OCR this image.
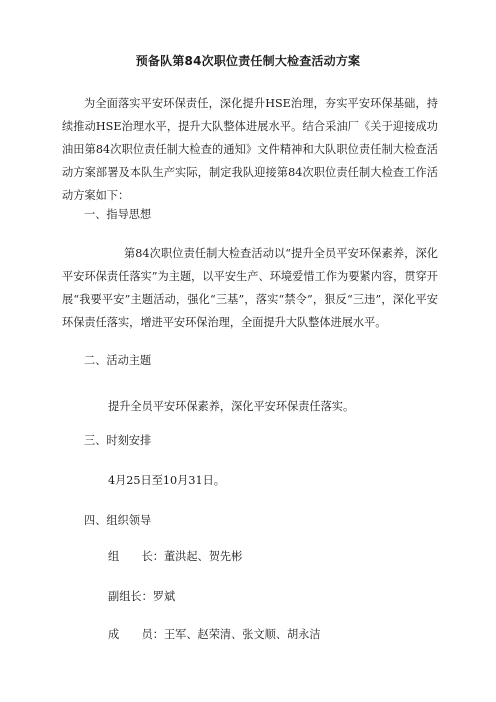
预备队第84次职位责任制大检查活动方案

为全面落实平安环保责任，深化提升HSE治理，夯实平安环保基础，持续推动HSE治理水平，提升大队整体进展水平。结合采油厂《关于迎接成功油田第84次职位责任制大检查的通知》文件精神和大队职位责任制大检查活动方案部署及本队生产实际，制定我队迎接第84次职位责任制大检查工作活动方案如下：

一、指导思想

第84次职位责任制大检查活动以“提升全员平安环保素养，深化平安环保责任落实”为主题，以平安生产、环境爱惜工作为要紧内容，贯穿开展“我要平安”主题活动，强化“三基”，落实“禁令”，狠反“三违”，深化平安环保责任落实，增进平安环保治理，全面提升大队整体进展水平。

二、活动主题

提升全员平安环保素养，深化平安环保责任落实。

三、时刻安排

4月25日至10月31日。

四、组织领导

组　　长：董洪起、贺先彬

副组长：罗斌

成　　员：王军、赵荣清、张文顺、胡永洁
